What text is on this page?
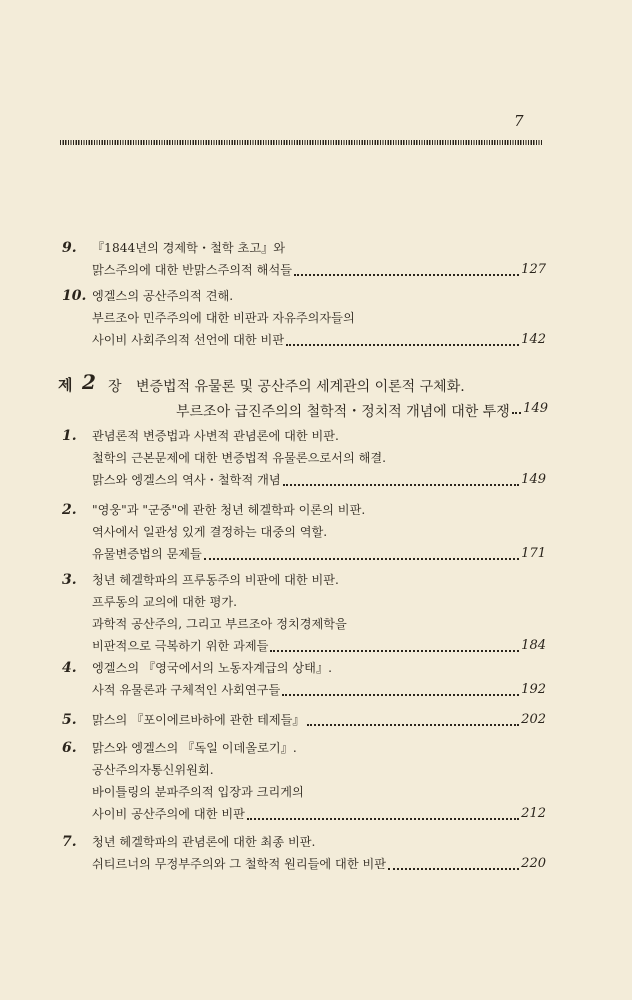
7
9.	『1844년의 경제학・철학 초고』와
맑스주의에 대한 반맑스주의적 해석들	127
10. 엥겔스의 공산주의적 견해.
부르조아 민주주의에 대한 비판과 자유주의자들의
사이비 사회주의적 선언에 대한 비판	142
제 2 장 변증법적 유물론 및 공산주의 세계관의 이론적 구체화.
부르조아 급진주의의 철학적・정치적 개념에 대한 투쟁 149
1.	관념론적 변증법과 사변적 관념론에 대한 비판.
철학의 근본문제에 대한 변증법적 유물론으로서의 해결.
맑스와 엥겔스의 역사・철학적 개념	149
2.	"영웅"과 "군중"에 관한 청년 헤겔학파 이론의 비판.
역사에서 일관성 있게 결정하는 대중의 역할.
유물변증법의 문제들	171
3.	청년 헤겔학파의 프루동주의 비판에 대한 비판.
프루동의 교의에 대한 평가.
과학적 공산주의, 그리고 부르조아 정치경제학을
비판적으로 극복하기 위한 과제들	184
4.	엥겔스의 『영국에서의 노동자계급의 상태』.
사적 유물론과 구체적인 사회연구들	192
5.	맑스의 『포이에르바하에 관한 테제들』	202
6.	맑스와 엥겔스의 『독일 이데올로기』.
공산주의자통신위원회.
바이틀링의 분파주의적 입장과 크리게의
사이비 공산주의에 대한 비판	212
7.	청년 헤겔학파의 관념론에 대한 최종 비판.
쉬티르너의 무정부주의와 그 철학적 원리들에 대한 비판	220
